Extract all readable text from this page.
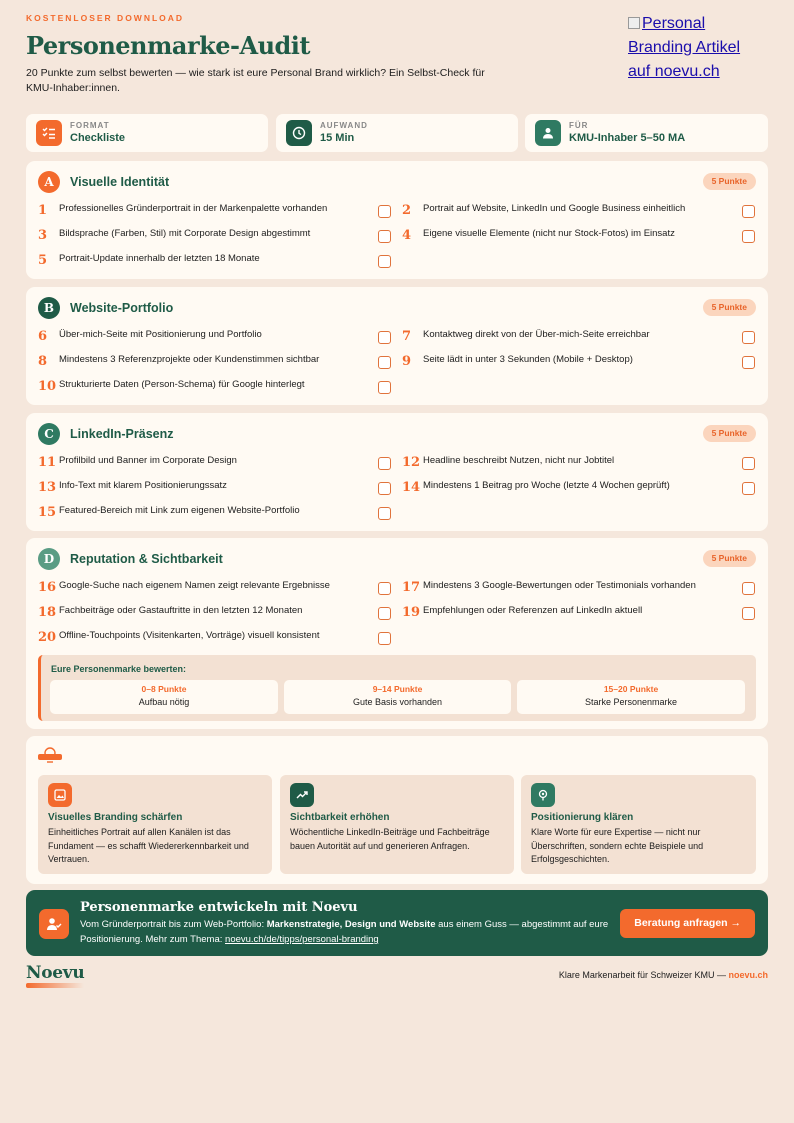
KOSTENLOSER DOWNLOAD
Personenmarke-Audit
20 Punkte zum selbst bewerten — wie stark ist eure Personal Brand wirklich? Ein Selbst-Check für KMU-Inhaber:innen.
Personal Branding Artikel auf noevu.ch
FORMAT
Checkliste
AUFWAND
15 Min
FÜR
KMU-Inhaber 5–50 MA
A	Visuelle Identität	5 Punkte
1	Professionelles Gründerportrait in der Markenpalette vorhanden	2	Portrait auf Website, LinkedIn und Google Business einheitlich
3	Bildsprache (Farben, Stil) mit Corporate Design abgestimmt	4	Eigene visuelle Elemente (nicht nur Stock-Fotos) im Einsatz
5	Portrait-Update innerhalb der letzten 18 Monate
B	Website-Portfolio	5 Punkte
6	Über-mich-Seite mit Positionierung und Portfolio	7	Kontaktweg direkt von der Über-mich-Seite erreichbar
8	Mindestens 3 Referenzprojekte oder Kundenstimmen sichtbar	9	Seite lädt in unter 3 Sekunden (Mobile + Desktop)
10 Strukturierte Daten (Person-Schema) für Google hinterlegt
C	LinkedIn-Präsenz	5 Punkte
11 Profilbild und Banner im Corporate Design	12 Headline beschreibt Nutzen, nicht nur Jobtitel
13 Info-Text mit klarem Positionierungssatz	14 Mindestens 1 Beitrag pro Woche (letzte 4 Wochen geprüft)
15 Featured-Bereich mit Link zum eigenen Website-Portfolio
D	Reputation & Sichtbarkeit	5 Punkte
16 Google-Suche nach eigenem Namen zeigt relevante Ergebnisse	17 Mindestens 3 Google-Bewertungen oder Testimonials vorhanden
18 Fachbeiträge oder Gastauftritte in den letzten 12 Monaten	19 Empfehlungen oder Referenzen auf LinkedIn aktuell
20 Offline-Touchpoints (Visitenkarten, Vorträge) visuell konsistent
Eure Personenmarke bewerten:
0–8 Punkte
Aufbau nötig
9–14 Punkte
Gute Basis vorhanden
15–20 Punkte
Starke Personenmarke
Visuelles Branding schärfen
Einheitliches Portrait auf allen Kanälen ist das Fundament — es schafft Wiedererkennbarkeit und Vertrauen.
Sichtbarkeit erhöhen
Wöchentliche LinkedIn-Beiträge und Fachbeiträge bauen Autorität auf und generieren Anfragen.
Positionierung klären
Klare Worte für eure Expertise — nicht nur Überschriften, sondern echte Beispiele und Erfolgsgeschichten.
Personenmarke entwickeln mit Noevu
Vom Gründerportrait bis zum Web-Portfolio: Markenstrategie, Design und Website aus einem Guss — abgestimmt auf eure Positionierung. Mehr zum Thema: noevu.ch/de/tipps/personal-branding
Beratung anfragen →
Noevu	Klare Markenarbeit für Schweizer KMU — noevu.ch
